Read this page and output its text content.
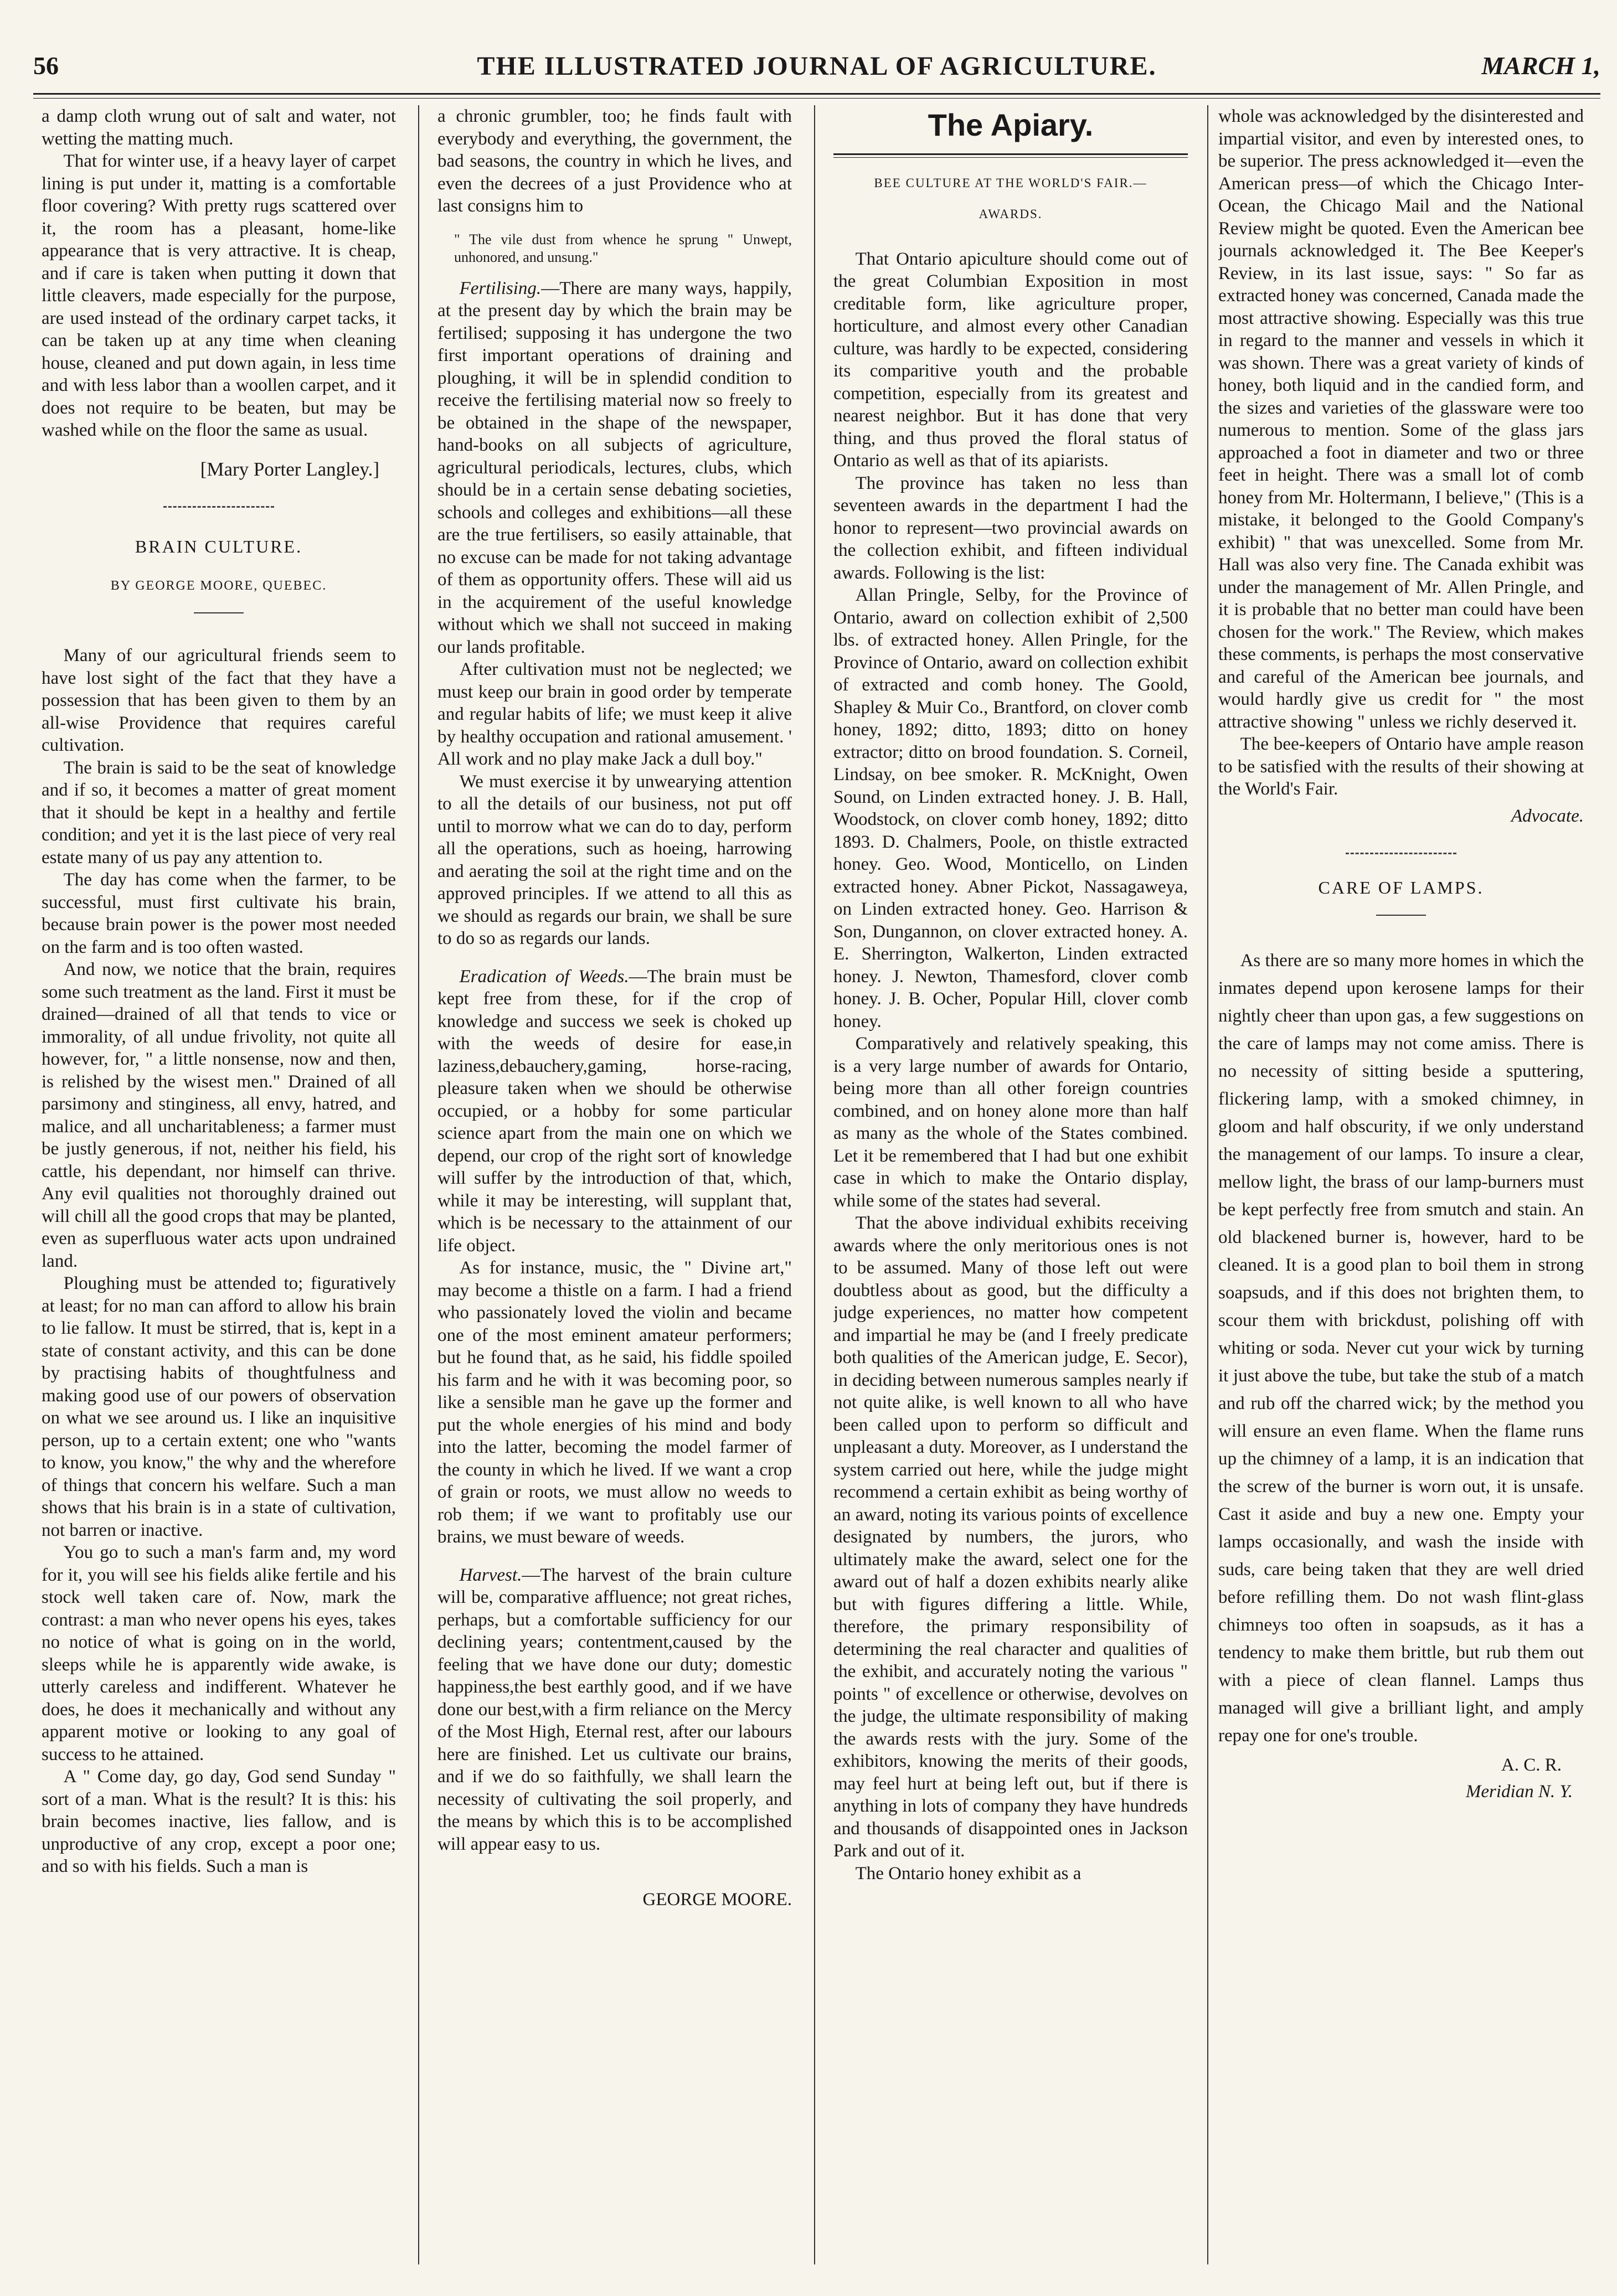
56	THE ILLUSTRATED JOURNAL OF AGRICULTURE.	MARCH 1,

a damp cloth wrung out of salt and water, not wetting the matting much.

That for winter use, if a heavy layer of carpet lining is put under it, matting is a comfortable floor covering? With pretty rugs scattered over it, the room has a pleasant, home-like appearance that is very attractive. It is cheap, and if care is taken when putting it down that little cleavers, made especially for the purpose, are used instead of the ordinary carpet tacks, it can be taken up at any time when cleaning house, cleaned and put down again, in less time and with less labor than a woollen carpet, and it does not require to be beaten, but may be washed while on the floor the same as usual.

[Mary Porter Langley.]

BRAIN CULTURE.
BY GEORGE MOORE, QUEBEC.

Many of our agricultural friends seem to have lost sight of the fact that they have a possession that has been given to them by an all-wise Providence that requires careful cultivation.

The brain is said to be the seat of knowledge and if so, it becomes a matter of great moment that it should be kept in a healthy and fertile condition; and yet it is the last piece of very real estate many of us pay any attention to.

The day has come when the farmer, to be successful, must first cultivate his brain, because brain power is the power most needed on the farm and is too often wasted.

And now, we notice that the brain, requires some such treatment as the land. First it must be drained—drained of all that tends to vice or immorality, of all undue frivolity, not quite all however, for, " a little nonsense, now and then, is relished by the wisest men." Drained of all parsimony and stinginess, all envy, hatred, and malice, and all uncharitableness; a farmer must be justly generous, if not, neither his field, his cattle, his dependant, nor himself can thrive. Any evil qualities not thoroughly drained out will chill all the good crops that may be planted, even as superfluous water acts upon undrained land.

Ploughing must be attended to; figuratively at least; for no man can afford to allow his brain to lie fallow. It must be stirred, that is, kept in a state of constant activity, and this can be done by practising habits of thoughtfulness and making good use of our powers of observation on what we see around us. I like an inquisitive person, up to a certain extent; one who "wants to know, you know," the why and the wherefore of things that concern his welfare. Such a man shows that his brain is in a state of cultivation, not barren or inactive.

You go to such a man's farm and, my word for it, you will see his fields alike fertile and his stock well taken care of. Now, mark the contrast: a man who never opens his eyes, takes no notice of what is going on in the world, sleeps while he is apparently wide awake, is utterly careless and indifferent. Whatever he does, he does it mechanically and without any apparent motive or looking to any goal of success to he attained.

A " Come day, go day, God send Sunday " sort of a man. What is the result? It is this: his brain becomes inactive, lies fallow, and is unproductive of any crop, except a poor one; and so with his fields. Such a man is

a chronic grumbler, too; he finds fault with everybody and everything, the government, the bad seasons, the country in which he lives, and even the decrees of a just Providence who at last consigns him to

" The vile dust from whence he sprung " Unwept, unhonored, and unsung."

Fertilising.—There are many ways, happily, at the present day by which the brain may be fertilised; supposing it has undergone the two first important operations of draining and ploughing, it will be in splendid condition to receive the fertilising material now so freely to be obtained in the shape of the newspaper, hand-books on all subjects of agriculture, agricultural periodicals, lectures, clubs, which should be in a certain sense debating societies, schools and colleges and exhibitions—all these are the true fertilisers, so easily attainable, that no excuse can be made for not taking advantage of them as opportunity offers. These will aid us in the acquirement of the useful knowledge without which we shall not succeed in making our lands profitable.

After cultivation must not be neglected; we must keep our brain in good order by temperate and regular habits of life; we must keep it alive by healthy occupation and rational amusement. ' All work and no play make Jack a dull boy."

We must exercise it by unwearying attention to all the details of our business, not put off until to morrow what we can do to day, perform all the operations, such as hoeing, harrowing and aerating the soil at the right time and on the approved principles. If we attend to all this as we should as regards our brain, we shall be sure to do so as regards our lands.

Eradication of Weeds.—The brain must be kept free from these, for if the crop of knowledge and success we seek is choked up with the weeds of desire for ease,in laziness,debauchery,gaming, horse-racing, pleasure taken when we should be otherwise occupied, or a hobby for some particular science apart from the main one on which we depend, our crop of the right sort of knowledge will suffer by the introduction of that, which, while it may be interesting, will supplant that, which is be necessary to the attainment of our life object.

As for instance, music, the " Divine art," may become a thistle on a farm. I had a friend who passionately loved the violin and became one of the most eminent amateur performers; but he found that, as he said, his fiddle spoiled his farm and he with it was becoming poor, so like a sensible man he gave up the former and put the whole energies of his mind and body into the latter, becoming the model farmer of the county in which he lived. If we want a crop of grain or roots, we must allow no weeds to rob them; if we want to profitably use our brains, we must beware of weeds.

Harvest.—The harvest of the brain culture will be, comparative affluence; not great riches, perhaps, but a comfortable sufficiency for our declining years; contentment,caused by the feeling that we have done our duty; domestic happiness,the best earthly good, and if we have done our best,with a firm reliance on the Mercy of the Most High, Eternal rest, after our labours here are finished. Let us cultivate our brains, and if we do so faithfully, we shall learn the necessity of cultivating the soil properly, and the means by which this is to be accomplished will appear easy to us.

GEORGE MOORE.

The Apiary.
BEE CULTURE AT THE WORLD'S FAIR.—
AWARDS.

That Ontario apiculture should come out of the great Columbian Exposition in most creditable form, like agriculture proper, horticulture, and almost every other Canadian culture, was hardly to be expected, considering its comparitive youth and the probable competition, especially from its greatest and nearest neighbor. But it has done that very thing, and thus proved the floral status of Ontario as well as that of its apiarists.

The province has taken no less than seventeen awards in the department I had the honor to represent—two provincial awards on the collection exhibit, and fifteen individual awards. Following is the list:

Allan Pringle, Selby, for the Province of Ontario, award on collection exhibit of 2,500 lbs. of extracted honey. Allen Pringle, for the Province of Ontario, award on collection exhibit of extracted and comb honey. The Goold, Shapley & Muir Co., Brantford, on clover comb honey, 1892; ditto, 1893; ditto on honey extractor; ditto on brood foundation. S. Corneil, Lindsay, on bee smoker. R. McKnight, Owen Sound, on Linden extracted honey. J. B. Hall, Woodstock, on clover comb honey, 1892; ditto 1893. D. Chalmers, Poole, on thistle extracted honey. Geo. Wood, Monticello, on Linden extracted honey. Abner Pickot, Nassagaweya, on Linden extracted honey. Geo. Harrison & Son, Dungannon, on clover extracted honey. A. E. Sherrington, Walkerton, Linden extracted honey. J. Newton, Thamesford, clover comb honey. J. B. Ocher, Popular Hill, clover comb honey.

Comparatively and relatively speaking, this is a very large number of awards for Ontario, being more than all other foreign countries combined, and on honey alone more than half as many as the whole of the States combined. Let it be remembered that I had but one exhibit case in which to make the Ontario display, while some of the states had several.

That the above individual exhibits receiving awards where the only meritorious ones is not to be assumed. Many of those left out were doubtless about as good, but the difficulty a judge experiences, no matter how competent and impartial he may be (and I freely predicate both qualities of the American judge, E. Secor), in deciding between numerous samples nearly if not quite alike, is well known to all who have been called upon to perform so difficult and unpleasant a duty. Moreover, as I understand the system carried out here, while the judge might recommend a certain exhibit as being worthy of an award, noting its various points of excellence designated by numbers, the jurors, who ultimately make the award, select one for the award out of half a dozen exhibits nearly alike but with figures differing a little. While, therefore, the primary responsibility of determining the real character and qualities of the exhibit, and accurately noting the various " points " of excellence or otherwise, devolves on the judge, the ultimate responsibility of making the awards rests with the jury. Some of the exhibitors, knowing the merits of their goods, may feel hurt at being left out, but if there is anything in lots of company they have hundreds and thousands of disappointed ones in Jackson Park and out of it.

The Ontario honey exhibit as a

whole was acknowledged by the disinterested and impartial visitor, and even by interested ones, to be superior. The press acknowledged it—even the American press—of which the Chicago Inter-Ocean, the Chicago Mail and the National Review might be quoted. Even the American bee journals acknowledged it. The Bee Keeper's Review, in its last issue, says: " So far as extracted honey was concerned, Canada made the most attractive showing. Especially was this true in regard to the manner and vessels in which it was shown. There was a great variety of kinds of honey, both liquid and in the candied form, and the sizes and varieties of the glassware were too numerous to mention. Some of the glass jars approached a foot in diameter and two or three feet in height. There was a small lot of comb honey from Mr. Holtermann, I believe," (This is a mistake, it belonged to the Goold Company's exhibit) " that was unexcelled. Some from Mr. Hall was also very fine. The Canada exhibit was under the management of Mr. Allen Pringle, and it is probable that no better man could have been chosen for the work." The Review, which makes these comments, is perhaps the most conservative and careful of the American bee journals, and would hardly give us credit for " the most attractive showing " unless we richly deserved it.

The bee-keepers of Ontario have ample reason to be satisfied with the results of their showing at the World's Fair.

Advocate.

CARE OF LAMPS.

As there are so many more homes in which the inmates depend upon kerosene lamps for their nightly cheer than upon gas, a few suggestions on the care of lamps may not come amiss. There is no necessity of sitting beside a sputtering, flickering lamp, with a smoked chimney, in gloom and half obscurity, if we only understand the management of our lamps. To insure a clear, mellow light, the brass of our lamp-burners must be kept perfectly free from smutch and stain. An old blackened burner is, however, hard to be cleaned. It is a good plan to boil them in strong soapsuds, and if this does not brighten them, to scour them with brickdust, polishing off with whiting or soda. Never cut your wick by turning it just above the tube, but take the stub of a match and rub off the charred wick; by the method you will ensure an even flame. When the flame runs up the chimney of a lamp, it is an indication that the screw of the burner is worn out, it is unsafe. Cast it aside and buy a new one. Empty your lamps occasionally, and wash the inside with suds, care being taken that they are well dried before refilling them. Do not wash flint-glass chimneys too often in soapsuds, as it has a tendency to make them brittle, but rub them out with a piece of clean flannel. Lamps thus managed will give a brilliant light, and amply repay one for one's trouble.

A. C. R.

Meridian N. Y.
